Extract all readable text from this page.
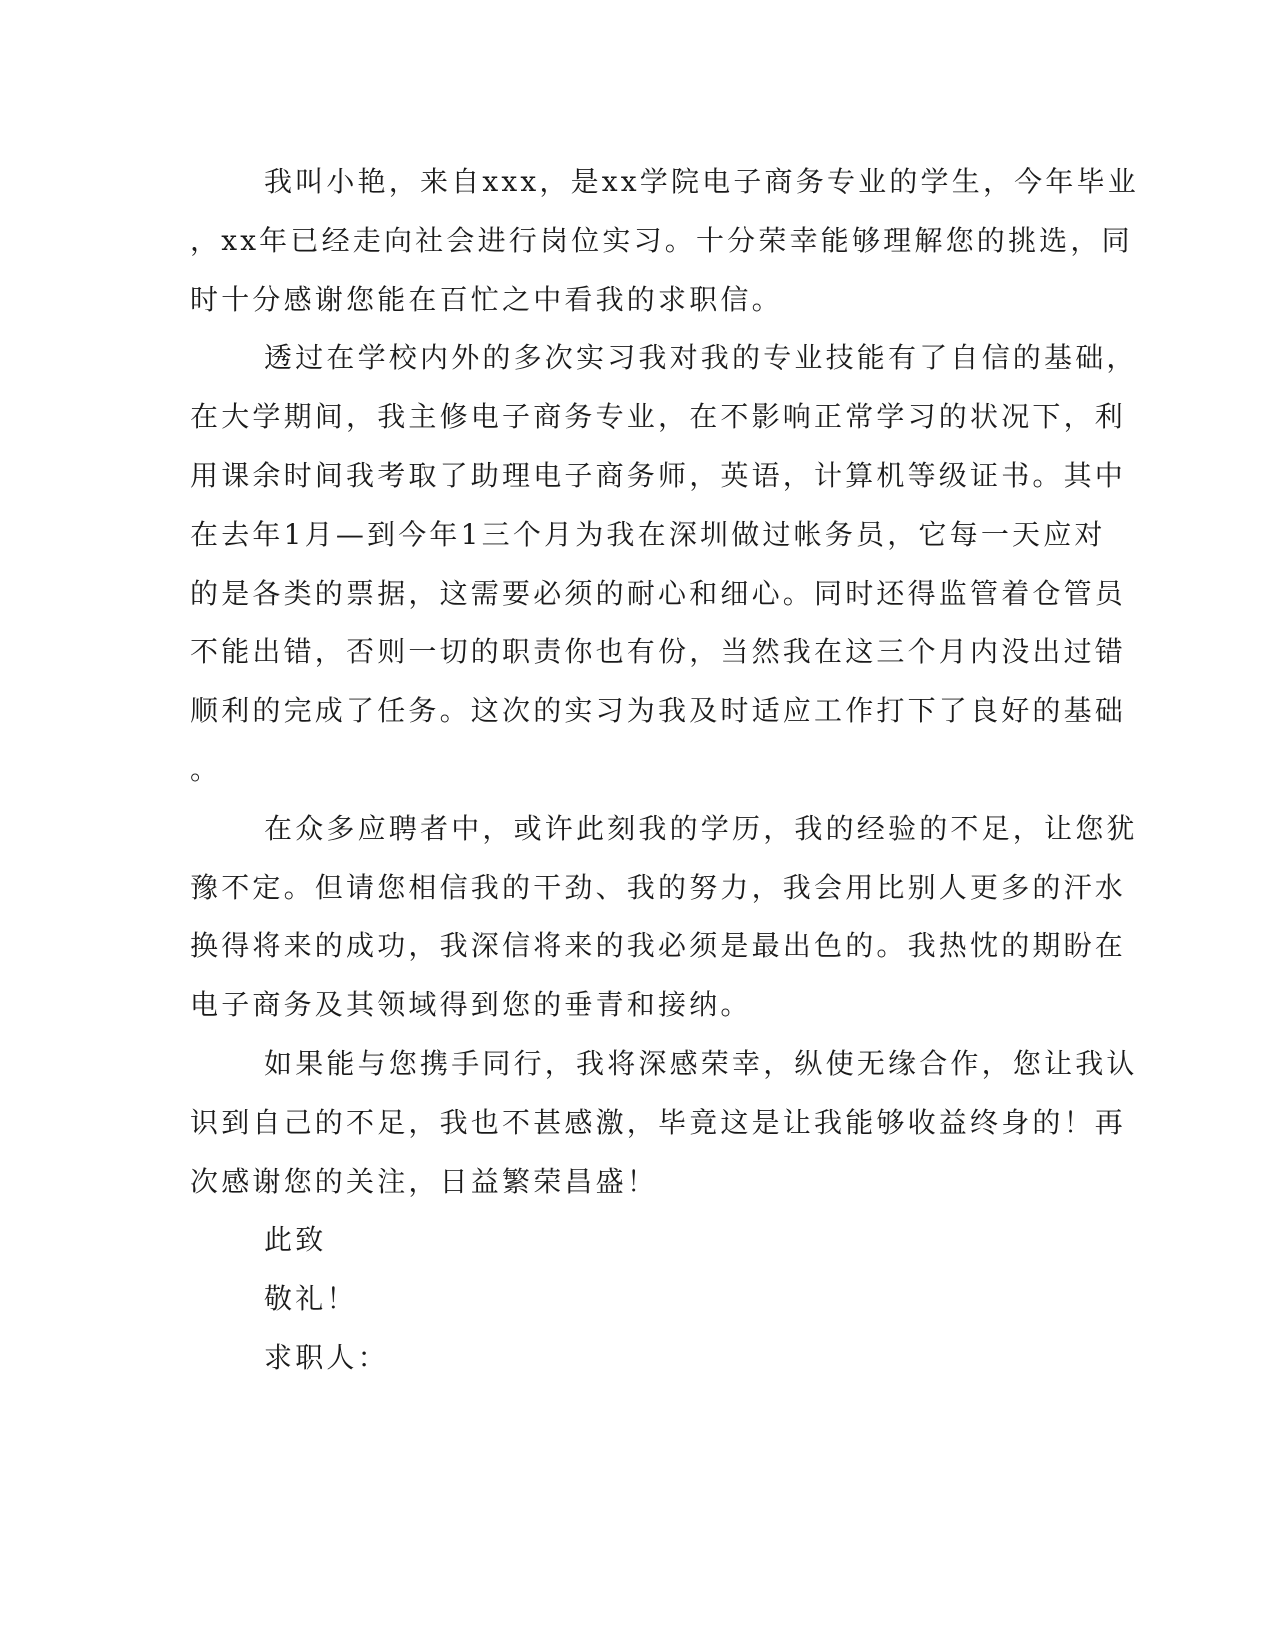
我叫小艳，来自xxx，是xx学院电子商务专业的学生，今年毕业
，xx年已经走向社会进行岗位实习。十分荣幸能够理解您的挑选，同
时十分感谢您能在百忙之中看我的求职信。
透过在学校内外的多次实习我对我的专业技能有了自信的基础，
在大学期间，我主修电子商务专业，在不影响正常学习的状况下，利
用课余时间我考取了助理电子商务师，英语，计算机等级证书。其中
在去年1月—到今年1三个月为我在深圳做过帐务员，它每一天应对
的是各类的票据，这需要必须的耐心和细心。同时还得监管着仓管员
不能出错，否则一切的职责你也有份，当然我在这三个月内没出过错
顺利的完成了任务。这次的实习为我及时适应工作打下了良好的基础
。
在众多应聘者中，或许此刻我的学历，我的经验的不足，让您犹
豫不定。但请您相信我的干劲、我的努力，我会用比别人更多的汗水
换得将来的成功，我深信将来的我必须是最出色的。我热忱的期盼在
电子商务及其领域得到您的垂青和接纳。
如果能与您携手同行，我将深感荣幸，纵使无缘合作，您让我认
识到自己的不足，我也不甚感激，毕竟这是让我能够收益终身的！再
次感谢您的关注，日益繁荣昌盛！
此致
敬礼！
求职人：
